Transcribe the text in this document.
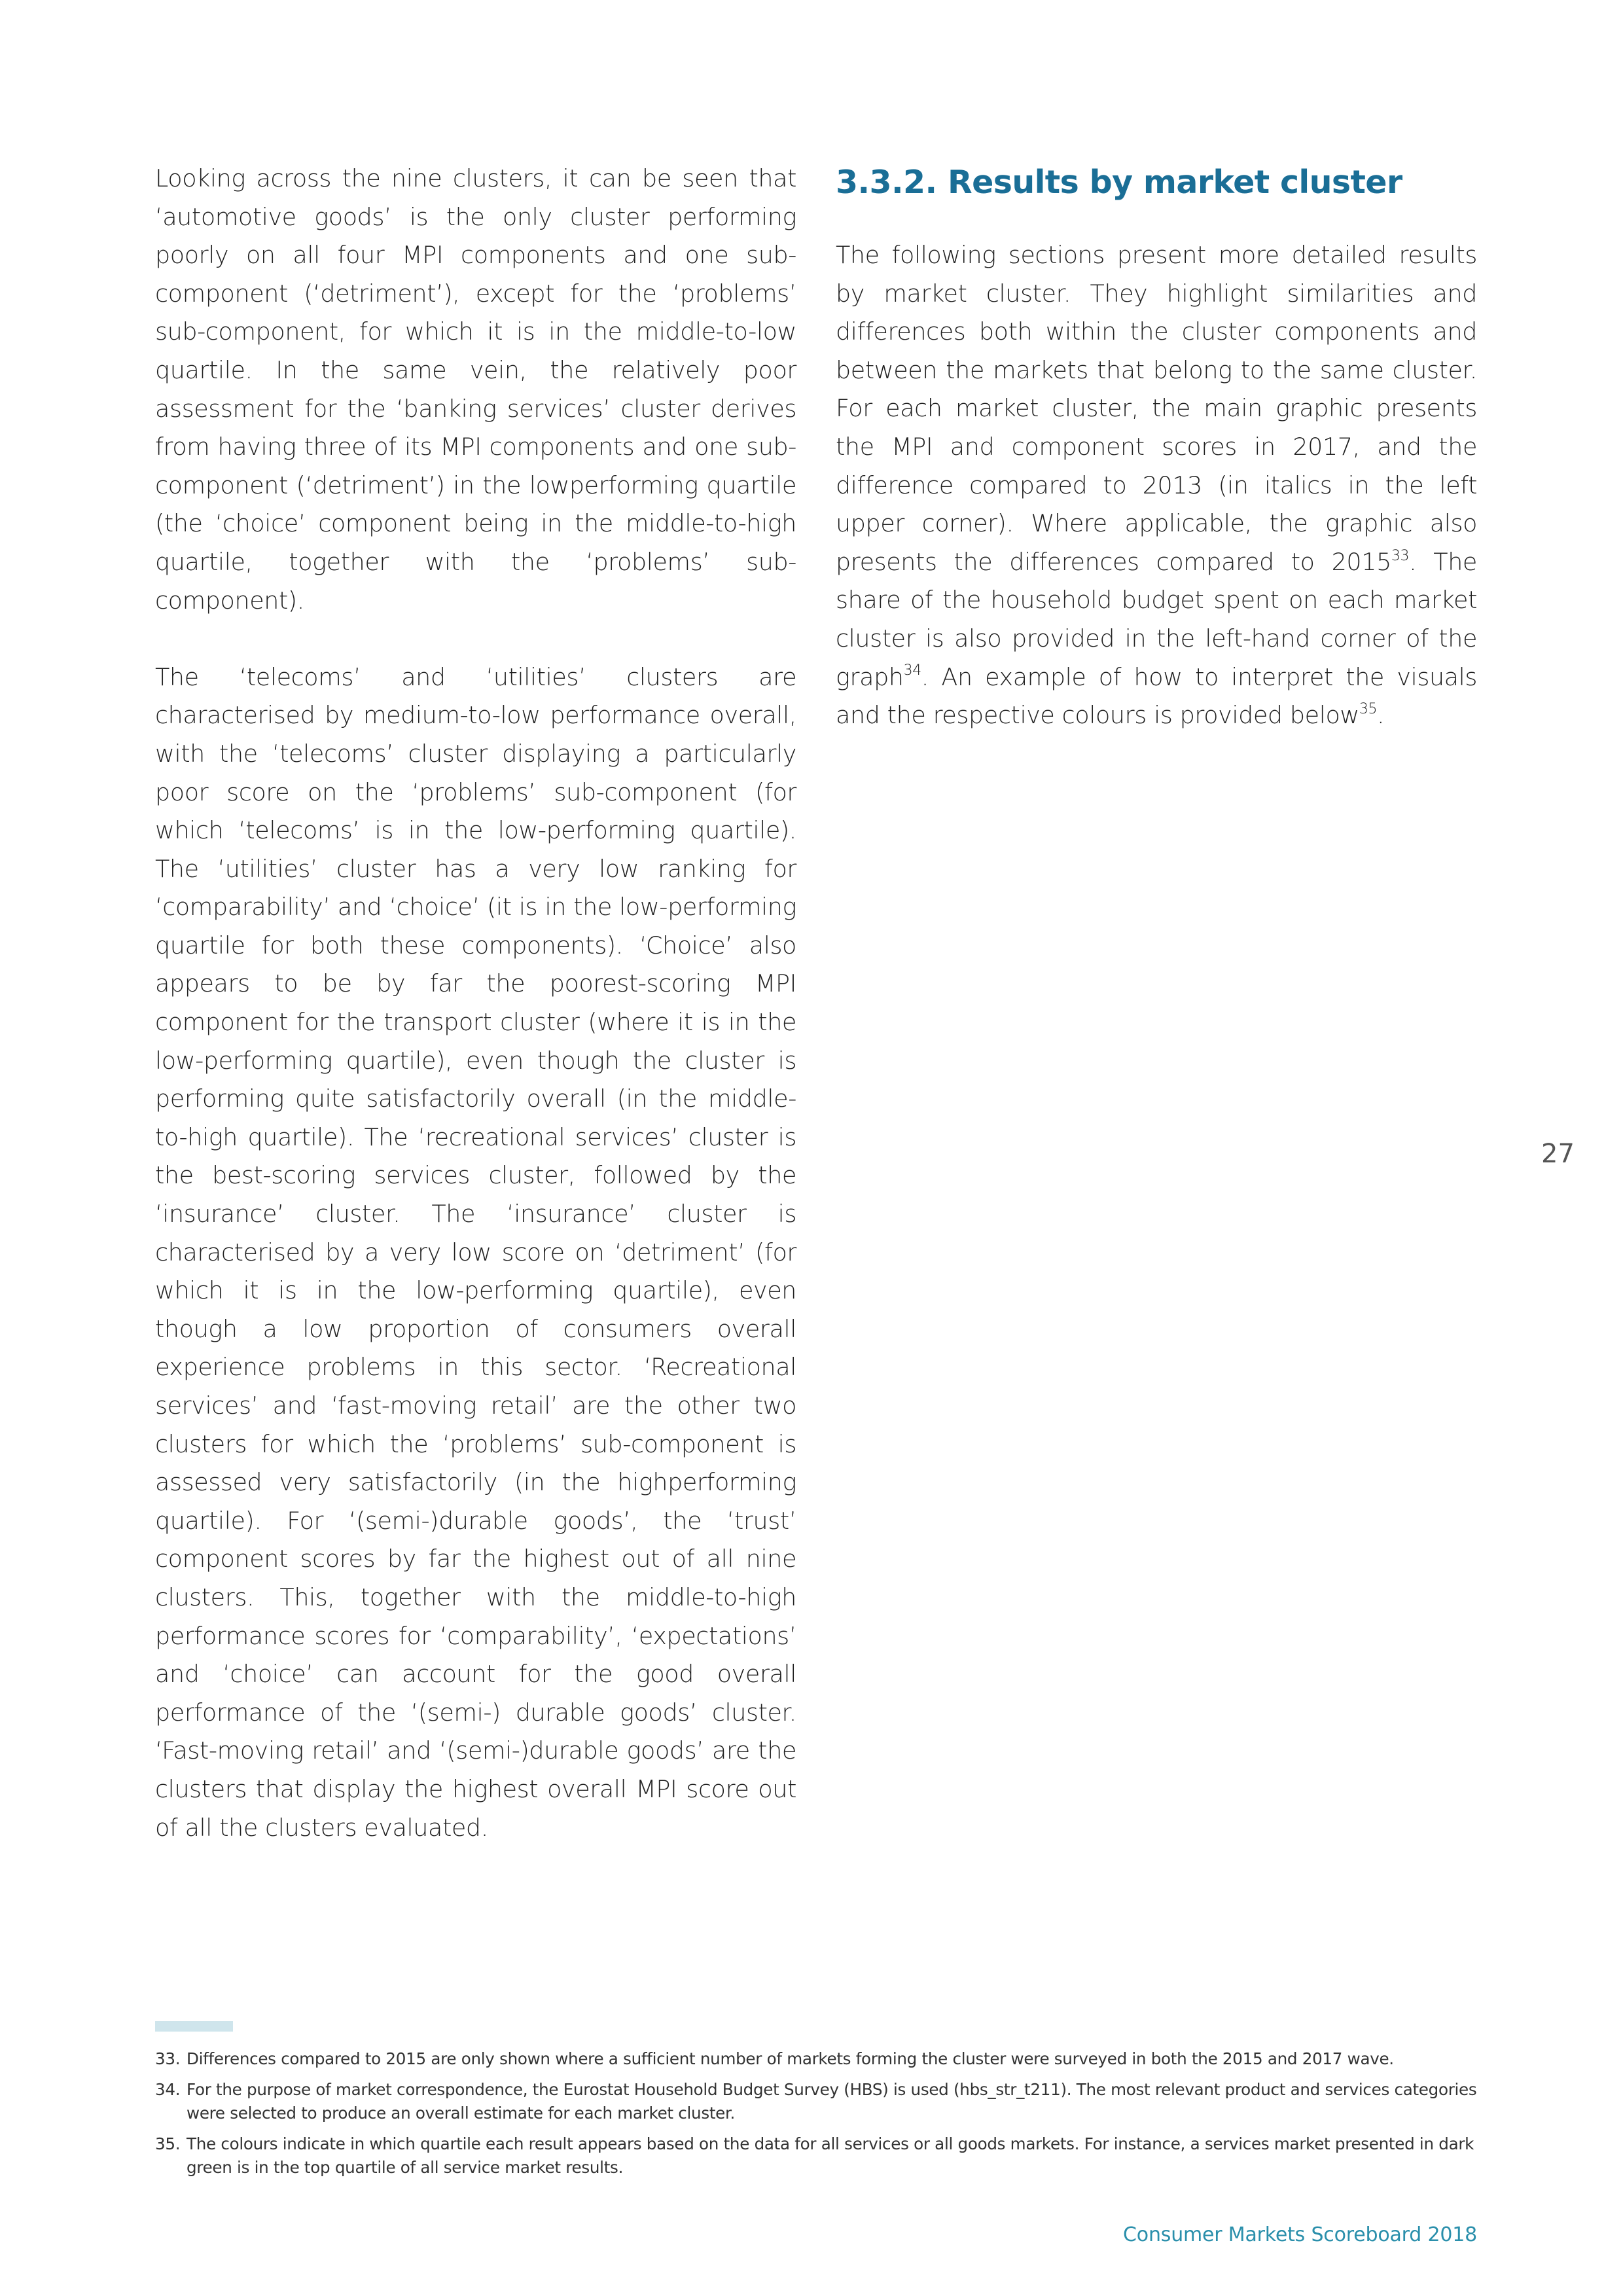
Looking across the nine clusters, it can be seen that ‘automotive goods’ is the only cluster performing poorly on all four MPI components and one sub-component (‘detriment’), except for the ‘problems’ sub-component, for which it is in the middle-to-low quartile. In the same vein, the relatively poor assessment for the ‘banking services’ cluster derives from having three of its MPI components and one sub-component (‘detriment’) in the lowperforming quartile (the ‘choice’ component being in the middle-to-high quartile, together with the ‘problems’ sub-component).

The ‘telecoms’ and ‘utilities’ clusters are characterised by medium-to-low performance overall, with the ‘telecoms’ cluster displaying a particularly poor score on the ‘problems’ sub-component (for which ‘telecoms’ is in the low-performing quartile). The ‘utilities’ cluster has a very low ranking for ‘comparability’ and ‘choice’ (it is in the low-performing quartile for both these components). ‘Choice’ also appears to be by far the poorest-scoring MPI component for the transport cluster (where it is in the low-performing quartile), even though the cluster is performing quite satisfactorily overall (in the middle-to-high quartile). The ‘recreational services’ cluster is the best-scoring services cluster, followed by the ‘insurance’ cluster. The ‘insurance’ cluster is characterised by a very low score on ‘detriment’ (for which it is in the low-performing quartile), even though a low proportion of consumers overall experience problems in this sector. ‘Recreational services’ and ‘fast-moving retail’ are the other two clusters for which the ‘problems’ sub-component is assessed very satisfactorily (in the highperforming quartile). For ‘(semi-)durable goods’, the ‘trust’ component scores by far the highest out of all nine clusters. This, together with the middle-to-high performance scores for ‘comparability’, ‘expectations’ and ‘choice’ can account for the good overall performance of the ‘(semi-) durable goods’ cluster. ‘Fast-moving retail’ and ‘(semi-)durable goods’ are the clusters that display the highest overall MPI score out of all the clusters evaluated.

3.3.2. Results by market cluster

The following sections present more detailed results by market cluster. They highlight similarities and differences both within the cluster components and between the markets that belong to the same cluster. For each market cluster, the main graphic presents the MPI and component scores in 2017, and the difference compared to 2013 (in italics in the left upper corner). Where applicable, the graphic also presents the differences compared to 2015$^{33}$. The share of the household budget spent on each market cluster is also provided in the left-hand corner of the graph$^{34}$. An example of how to interpret the visuals and the respective colours is provided below$^{35}$.

27
33. Differences compared to 2015 are only shown where a sufficient number of markets forming the cluster were surveyed in both the 2015 and 2017 wave.
34. For the purpose of market correspondence, the Eurostat Household Budget Survey (HBS) is used (hbs_str_t211). The most relevant product and services categories were selected to produce an overall estimate for each market cluster.
35. The colours indicate in which quartile each result appears based on the data for all services or all goods markets. For instance, a services market presented in dark green is in the top quartile of all service market results.
Consumer Markets Scoreboard 2018
